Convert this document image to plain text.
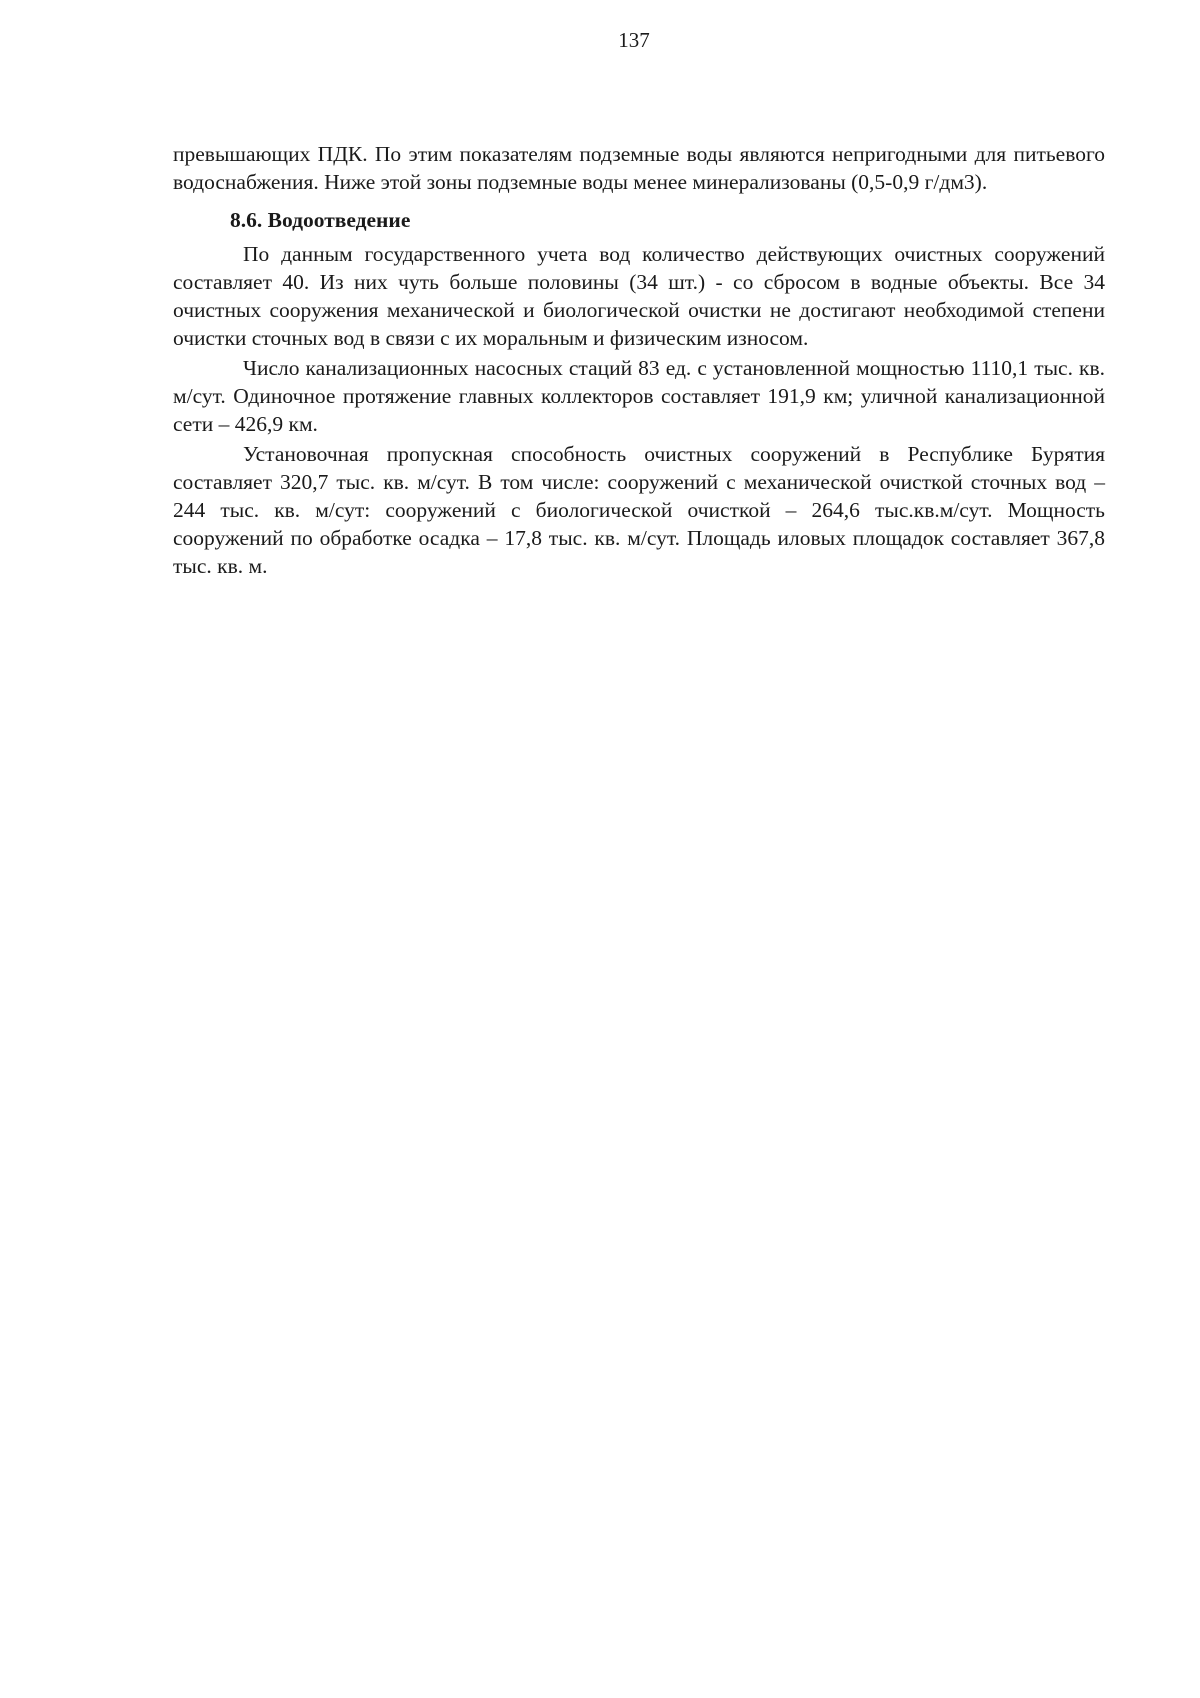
137

превышающих ПДК. По этим показателям подземные воды являются непригодными для питьевого водоснабжения. Ниже этой зоны подземные воды менее минерализованы (0,5-0,9 г/дм3).

8.6. Водоотведение

По данным государственного учета вод количество действующих очистных сооружений составляет 40. Из них чуть больше половины (34 шт.) - со сбросом в водные объекты. Все 34 очистных сооружения механической и биологической очистки не достигают необходимой степени очистки сточных вод в связи с их моральным и физическим износом.

Число канализационных насосных стаций 83 ед. с установленной мощностью 1110,1 тыс. кв. м/сут. Одиночное протяжение главных коллекторов составляет 191,9 км; уличной канализационной сети – 426,9 км.

Установочная пропускная способность очистных сооружений в Республике Бурятия составляет 320,7 тыс. кв. м/сут. В том числе: сооружений с механической очисткой сточных вод – 244 тыс. кв. м/сут: сооружений с биологической очисткой – 264,6 тыс.кв.м/сут. Мощность сооружений по обработке осадка – 17,8 тыс. кв. м/сут. Площадь иловых площадок составляет 367,8 тыс. кв. м.
